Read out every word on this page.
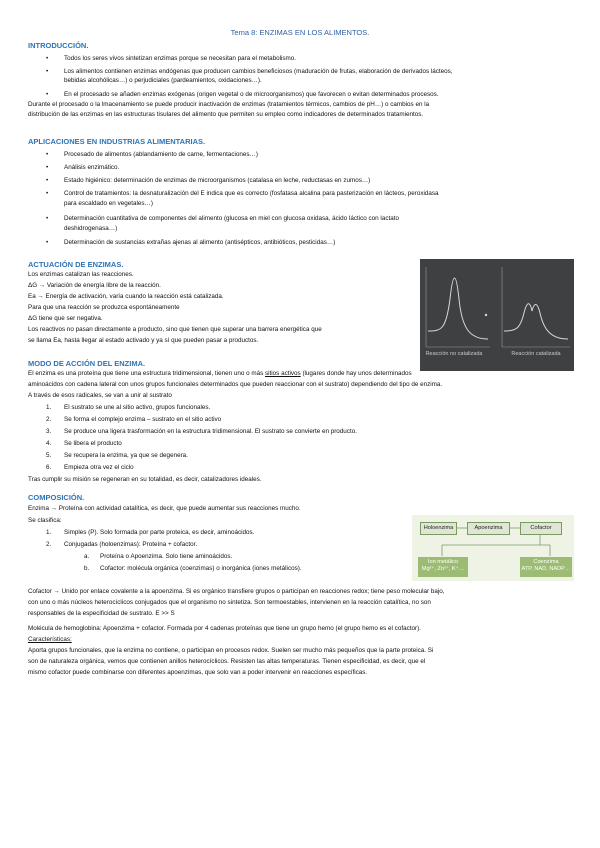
Tema 8: ENZIMAS EN LOS ALIMENTOS.
INTRODUCCIÓN.
•	Todos los seres vivos sintetizan enzimas porque se necesitan para el metabolismo.
•	Los alimentos contienen enzimas endógenas que producen cambios beneficiosos (maduración de frutas, elaboración de derivados lácteos,
bebidas alcohólicas…) o perjudiciales (pardeamientos, oxidaciones…).
•	En el procesado se añaden enzimas exógenas (origen vegetal o de microorganismos) que favorecen o evitan determinados procesos.
Durante el procesado o la lmacenamiento se puede producir inactivación de enzimas (tratamientos térmicos, cambios de pH…) o cambios en la
distribución de las enzimas en las estructuras tisulares del alimento que permiten su empleo como indicadores de determinados tratamientos.
APLICACIONES EN INDUSTRIAS ALIMENTARIAS.
•	Procesado de alimentos (ablandamiento de carne, fermentaciones…)
•	Análisis enzimático.
•	Estado higiénico: determinación de enzimas de microorganismos (catalasa en leche, reductasas en zumos…)
•	Control de tratamientos: la desnaturalización del E indica que es correcto (fosfatasa alcalina para pasterización en lácteos, peroxidasa
para escaldado en vegetales…)
•	Determinación cuantitativa de componentes del alimento (glucosa en miel con glucosa oxidasa, ácido láctico con lactato
deshidrogenasa…)
•	Determinación de sustancias extrañas ajenas al alimento (antisépticos, antibióticos, pesticidas…)
ACTUACIÓN DE ENZIMAS.
Los enzimas catalizan las reacciones.
ΔG → Variación de energía libre de la reacción.
Ea → Energía de activación, varía cuando la reacción está catalizada.
Para que una reacción se produzca espontáneamente
ΔG tiene que ser negativa.
Los reactivos no pasan directamente a producto, sino que tienen que superar una barrera energética que
se llama Ea, hasta llegar al estado activado y ya sí que pueden pasar a productos.
Reacción no catalizada	Reacción catalizada
MODO DE ACCIÓN DEL ENZIMA.
El enzima es una proteína que tiene una estructura tridimensional, tienen uno o más sitios activos (lugares donde hay unos determinados
aminoácidos con cadena lateral con unos grupos funcionales determinados que pueden reaccionar con el sustrato) dependiendo del tipo de enzima.
A través de esos radicales, se van a unir al sustrato
1. El sustrato se une al sitio activo, grupos funcionales.
2. Se forma el complejo enzima – sustrato en el sitio activo
3. Se produce una ligera trasformación en la estructura tridimensional. El sustrato se convierte en producto.
4. Se libera el producto
5. Se recupera la enzima, ya que se degenera.
6. Empieza otra vez el ciclo
Tras cumplir su misión se regeneran en su totalidad, es decir, catalizadores ideales.
COMPOSICIÓN.
Enzima → Proteína con actividad catalítica, es decir, que puede aumentar sus reacciones mucho.
Se clasifica:
1. Simples (P). Solo formada por parte proteica, es decir, aminoácidos.
2. Conjugadas (holoenzimas): Proteína + cofactor.
a. Proteína o Apoenzima. Solo tiene aminoácidos.
b. Cofactor: molécula orgánica (coenzimas) o inorgánica (iones metálicos).
Holoenzima	Apoenzima	Cofactor
Ion metálico
Mg²⁺, Zn²⁺, K⁺…
Coenzima
ATP, NAD, NADP…
Cofactor → Unido por enlace covalente a la apoenzima. Si es orgánico transfiere grupos o participan en reacciones redox; tiene peso molecular bajo,
con uno o más núcleos heterocíclicos conjugados que el organismo no sintetiza. Son termoestables, intervienen en la reacción catalítica, no son
responsables de la especificidad de sustrato. E >> S
Molécula de hemoglobina: Apoenzima + cofactor. Formada por 4 cadenas proteínas que tiene un grupo hemo (el grupo hemo es el cofactor).
Características:
Aporta grupos funcionales, que la enzima no contiene, o participan en procesos redox. Suelen ser mucho más pequeños que la parte proteica. Si
son de naturaleza orgánica, vemos que contienen anillos heterocíclicos. Resisten las altas temperaturas. Tienen especificidad, es decir, que el
mismo cofactor puede combinarse con diferentes apoenzimas, que solo van a poder intervenir en reacciones específicas.
